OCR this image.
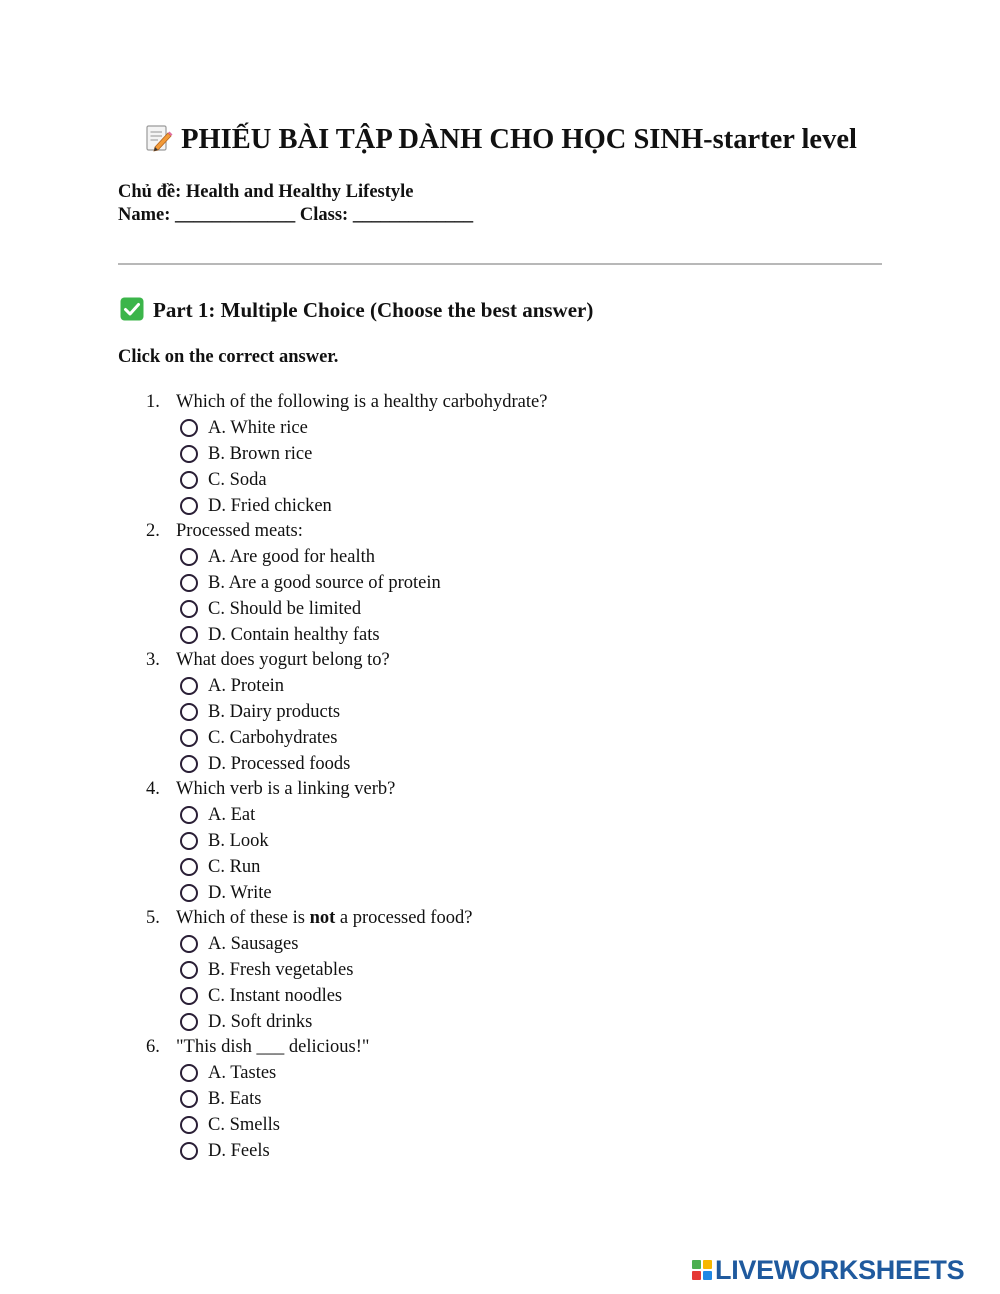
PHIẾU BÀI TẬP DÀNH CHO HỌC SINH-starter level
Chủ đề: Health and Healthy Lifestyle
Name: _____________ Class: _____________
Part 1: Multiple Choice (Choose the best answer)
Click on the correct answer.
1. Which of the following is a healthy carbohydrate?
A. White rice
B. Brown rice
C. Soda
D. Fried chicken
2. Processed meats:
A. Are good for health
B. Are a good source of protein
C. Should be limited
D. Contain healthy fats
3. What does yogurt belong to?
A. Protein
B. Dairy products
C. Carbohydrates
D. Processed foods
4. Which verb is a linking verb?
A. Eat
B. Look
C. Run
D. Write
5. Which of these is not a processed food?
A. Sausages
B. Fresh vegetables
C. Instant noodles
D. Soft drinks
6. "This dish ___ delicious!"
A. Tastes
B. Eats
C. Smells
D. Feels
LIVEWORKSHEETS
